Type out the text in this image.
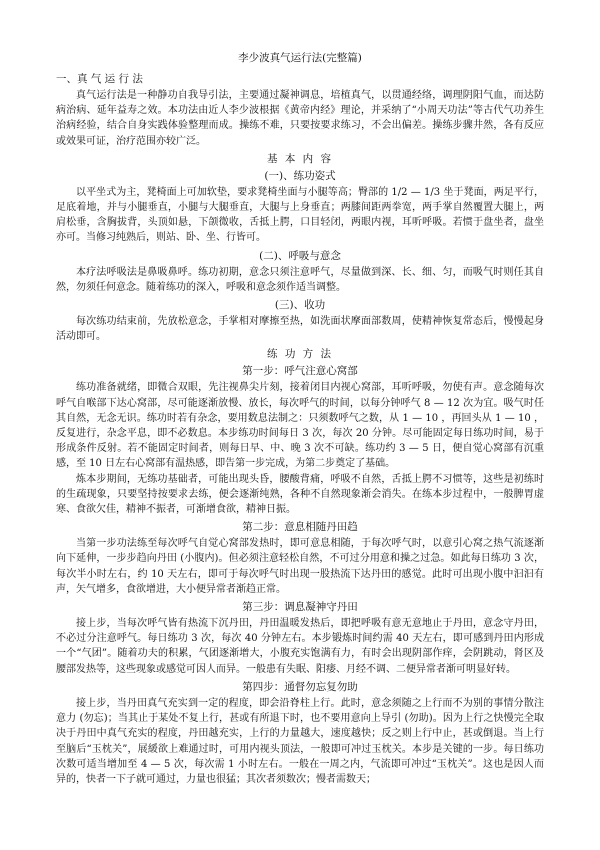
李少波真气运行法(完整篇)
一、真 气 运 行 法

真气运行法是一种静功自我导引法，主要通过凝神调息，培植真气，以贯通经络，调理阴阳气血，而达防病治病、延年益寿之效。本功法由近人李少波根据《黄帝内经》理论，并采纳了“小周天功法”等古代气功养生治病经验，结合自身实践体验整理而成。操练不难，只要按要求练习，不会出偏差。操练步骤井然，各有反应或效果可证，治疗范围亦较广泛。

基 本 内 容
(一)、练功姿式

以平坐式为主，凳椅面上可加软垫，要求凳椅坐面与小腿等高；臀部的 1/2 — 1/3 坐于凳面，两足平行，足底着地，并与小腿垂直，小腿与大腿垂直，大腿与上身垂直；两膝间距两拳宽，两手掌自然覆置大腿上，两肩松垂，含胸拔背，头顶如悬，下颌微收，舌抵上腭，口目轻闭，两眼内视，耳听呼吸。若惯于盘坐者，盘坐亦可。当修习纯熟后，则站、卧、坐、行皆可。

(二)、呼吸与意念

本疗法呼吸法是鼻吸鼻呼。练功初期，意念只须注意呼气，尽量做到深、长、细、匀，而吸气时则任其自然，勿须任何意念。随着练功的深入，呼吸和意念须作适当调整。

(三)、收功

每次练功结束前，先放松意念，手掌相对摩擦至热，如洗面状摩面部数周，使精神恢复常态后，慢慢起身活动即可。

练 功 方 法
第一步：呼气注意心窝部

练功准备就绪，即微合双眼，先注视鼻尖片刻，接着闭目内视心窝部，耳听呼吸，勿使有声。意念随每次呼气自喉部下达心窝部，尽可能逐渐放慢、放长，每次呼气的时间，以每分钟呼气 8 — 12 次为宜。吸气时任其自然，无念无识。练功时若有杂念，要用数息法制之：只须数呼气之数，从 1 — 10 ，再回头从 1 — 10 ，反复进行，杂念平息，即不必数息。本步练功时间每日 3 次，每次 20 分钟。尽可能固定每日练功时间，易于形成条件反射。若不能固定时间者，则每日早、中、晚 3 次不可缺。练功约 3 — 5 日，便自觉心窝部有沉重感，至 10 日左右心窝部有温热感，即告第一步完成，为第二步奠定了基础。

炼本步期间，无练功基础者，可能出现头昏，腰酸背痛，呼吸不自然，舌抵上腭不习惯等，这些是初练时的生疏现象，只要坚持按要求去练，便会逐渐纯熟，各种不自然现象渐会消失。在练本步过程中，一般脾胃虚寒、食欲欠佳，精神不振者，可渐增食欲，精神日振。

第二步：意息相随丹田趋

当第一步功法练至每次呼气自觉心窝部发热时，即可意息相随，于每次呼气时，以意引心窝之热气流逐渐向下延伸，一步步趋向丹田 (小腹内)。但必须注意轻松自然，不可过分用意和操之过急。如此每日练功 3 次，每次半小时左右，约 10 天左右，即可于每次呼气时出现一股热流下达丹田的感觉。此时可出现小腹中汩汩有声，矢气增多，食欲增进，大小便异常者渐趋正常。

第三步：调息凝神守丹田

接上步，当每次呼气皆有热流下沉丹田，丹田温暖发热后，即把呼吸有意无意地止于丹田，意念守丹田，不必过分注意呼气。每日练功 3 次，每次 40 分钟左右。本步锻炼时间约需 40 天左右，即可感到丹田内形成一个“气团”。随着功夫的积累，气团逐渐增大，小腹充实饱满有力，有时会出现阴部作痒，会阴跳动，肾区及腰部发热等，这些现象或感觉可因人而异。一般患有失眠、阳痿、月经不调、二便异常者渐可明显好转。

第四步：通督勿忘复勿助

接上步，当丹田真气充实到一定的程度，即会沿脊柱上行。此时，意念须随之上行而不为别的事情分散注意力 (勿忘)；当其止于某处不复上行，甚或有所退下时，也不要用意向上导引 (勿助)。因为上行之快慢完全取决于丹田中真气充实的程度，丹田越充实，上行的力量越大，速度越快；反之则上行中止，甚或倒退。当上行至脑后“玉枕关”，展緩欲上难通过时，可用内视头顶法，一般即可冲过玉枕关。本步是关键的一步。每日练功次数可适当增加至 4 — 5 次，每次需 1 小时左右。一般在一周之内，气流即可冲过“玉枕关”。这也是因人而异的，快者一下子就可通过，力量也很猛；其次者须数次；慢者需数天；
